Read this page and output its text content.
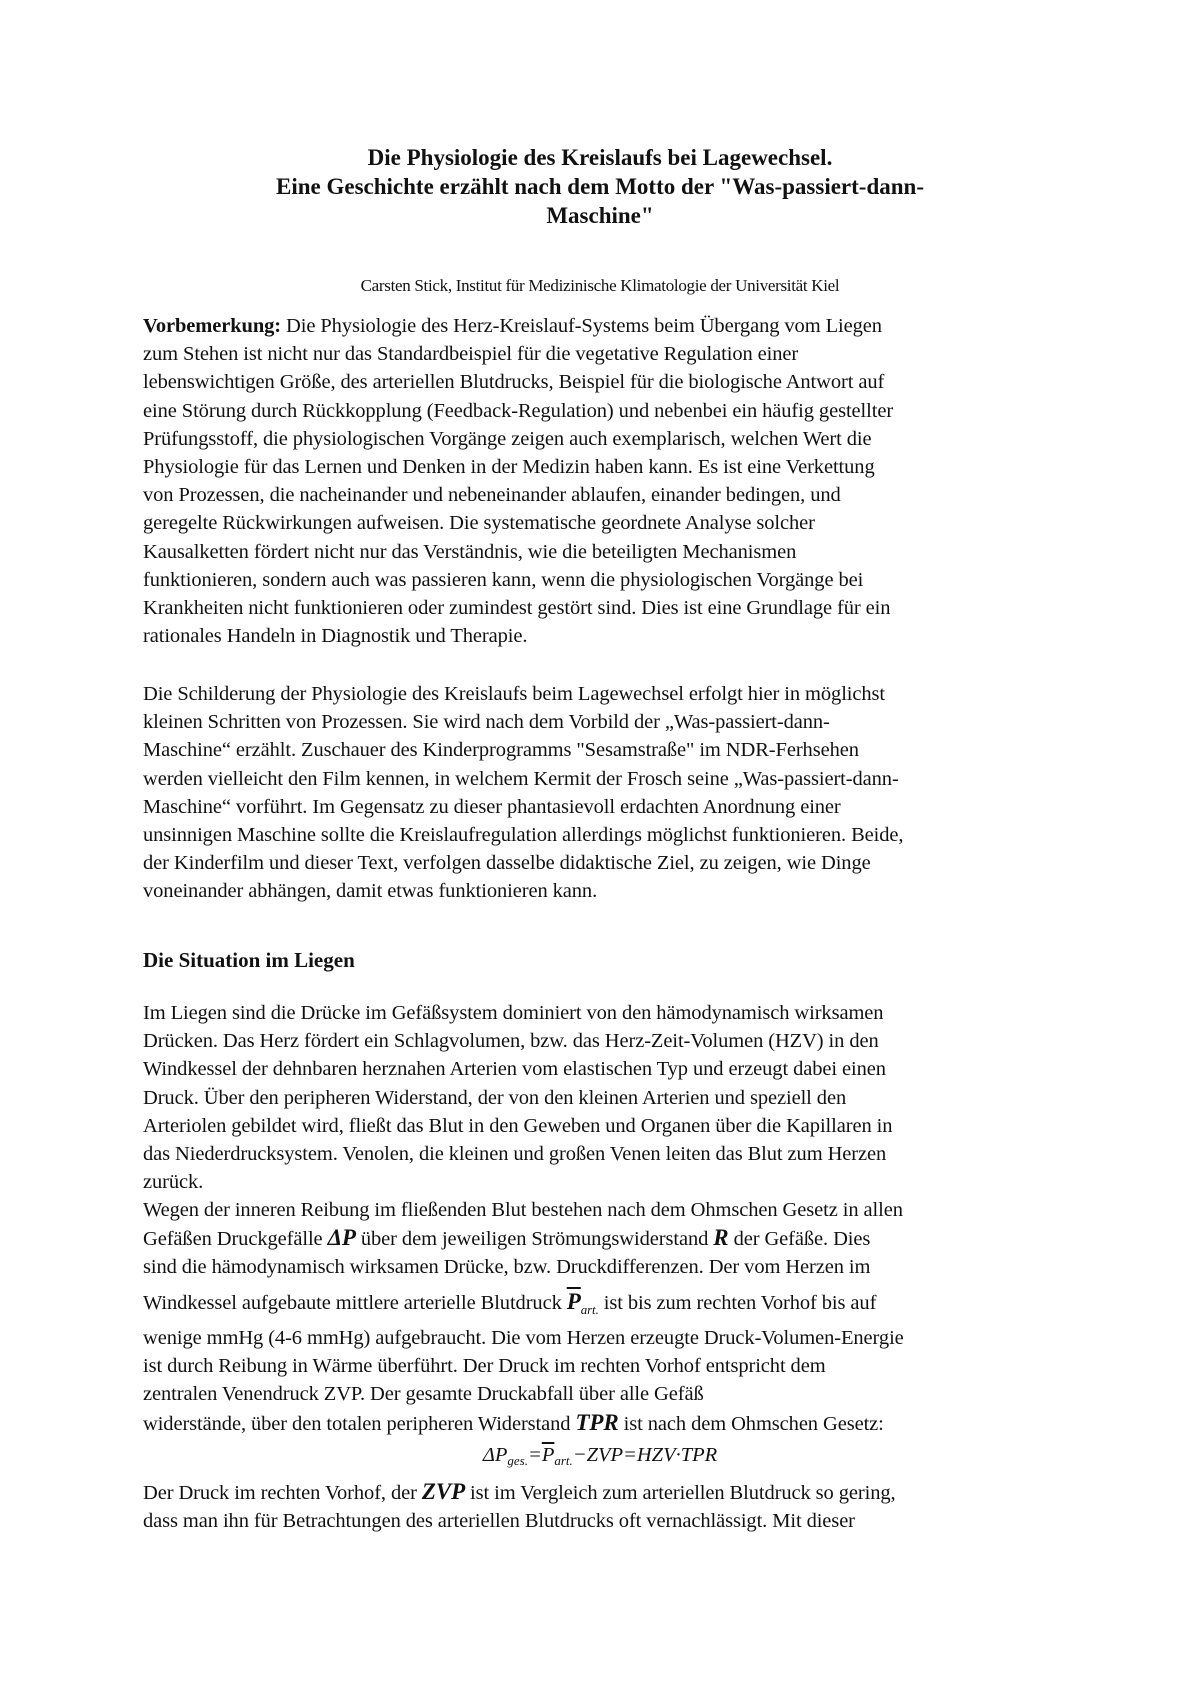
Die Physiologie des Kreislaufs bei Lagewechsel.
Eine Geschichte erzählt nach dem Motto der "Was-passiert-dann-
Maschine"
Carsten Stick, Institut für Medizinische Klimatologie der Universität Kiel
Vorbemerkung: Die Physiologie des Herz-Kreislauf-Systems beim Übergang vom Liegen
zum Stehen ist nicht nur das Standardbeispiel für die vegetative Regulation einer
lebenswichtigen Größe, des arteriellen Blutdrucks, Beispiel für die biologische Antwort auf
eine Störung durch Rückkopplung (Feedback-Regulation) und nebenbei ein häufig gestellter
Prüfungsstoff, die physiologischen Vorgänge zeigen auch exemplarisch, welchen Wert die
Physiologie für das Lernen und Denken in der Medizin haben kann. Es ist eine Verkettung
von Prozessen, die nacheinander und nebeneinander ablaufen, einander bedingen, und
geregelte Rückwirkungen aufweisen. Die systematische geordnete Analyse solcher
Kausalketten fördert nicht nur das Verständnis, wie die beteiligten Mechanismen
funktionieren, sondern auch was passieren kann, wenn die physiologischen Vorgänge bei
Krankheiten nicht funktionieren oder zumindest gestört sind. Dies ist eine Grundlage für ein
rationales Handeln in Diagnostik und Therapie.
Die Schilderung der Physiologie des Kreislaufs beim Lagewechsel erfolgt hier in möglichst
kleinen Schritten von Prozessen. Sie wird nach dem Vorbild der „Was-passiert-dann-
Maschine“ erzählt. Zuschauer des Kinderprogramms "Sesamstraße" im NDR-Ferhsehen
werden vielleicht den Film kennen, in welchem Kermit der Frosch seine „Was-passiert-dann-
Maschine“ vorführt. Im Gegensatz zu dieser phantasievoll erdachten Anordnung einer
unsinnigen Maschine sollte die Kreislaufregulation allerdings möglichst funktionieren. Beide,
der Kinderfilm und dieser Text, verfolgen dasselbe didaktische Ziel, zu zeigen, wie Dinge
voneinander abhängen, damit etwas funktionieren kann.
Die Situation im Liegen
Im Liegen sind die Drücke im Gefäßsystem dominiert von den hämodynamisch wirksamen
Drücken. Das Herz fördert ein Schlagvolumen, bzw. das Herz-Zeit-Volumen (HZV) in den
Windkessel der dehnbaren herznahen Arterien vom elastischen Typ und erzeugt dabei einen
Druck. Über den peripheren Widerstand, der von den kleinen Arterien und speziell den
Arteriolen gebildet wird, fließt das Blut in den Geweben und Organen über die Kapillaren in
das Niederdrucksystem. Venolen, die kleinen und großen Venen leiten das Blut zum Herzen
zurück.
Wegen der inneren Reibung im fließenden Blut bestehen nach dem Ohmschen Gesetz in allen
Gefäßen Druckgefälle ΔP über dem jeweiligen Strömungswiderstand R der Gefäße. Dies
sind die hämodynamisch wirksamen Drücke, bzw. Druckdifferenzen. Der vom Herzen im
Windkessel aufgebaute mittlere arterielle Blutdruck $\overline{P}_{art.}$ ist bis zum rechten Vorhof bis auf
wenige mmHg (4-6 mmHg) aufgebraucht. Die vom Herzen erzeugte Druck-Volumen-Energie
ist durch Reibung in Wärme überführt. Der Druck im rechten Vorhof entspricht dem
zentralen Venendruck ZVP. Der gesamte Druckabfall über alle Gefäß
widerstände, über den totalen peripheren Widerstand TPR ist nach dem Ohmschen Gesetz:
$\Delta P_{ges.}=\overline{P}_{art.}-ZVP=HZV\cdot TPR$
Der Druck im rechten Vorhof, der ZVP ist im Vergleich zum arteriellen Blutdruck so gering,
dass man ihn für Betrachtungen des arteriellen Blutdrucks oft vernachlässigt. Mit dieser
